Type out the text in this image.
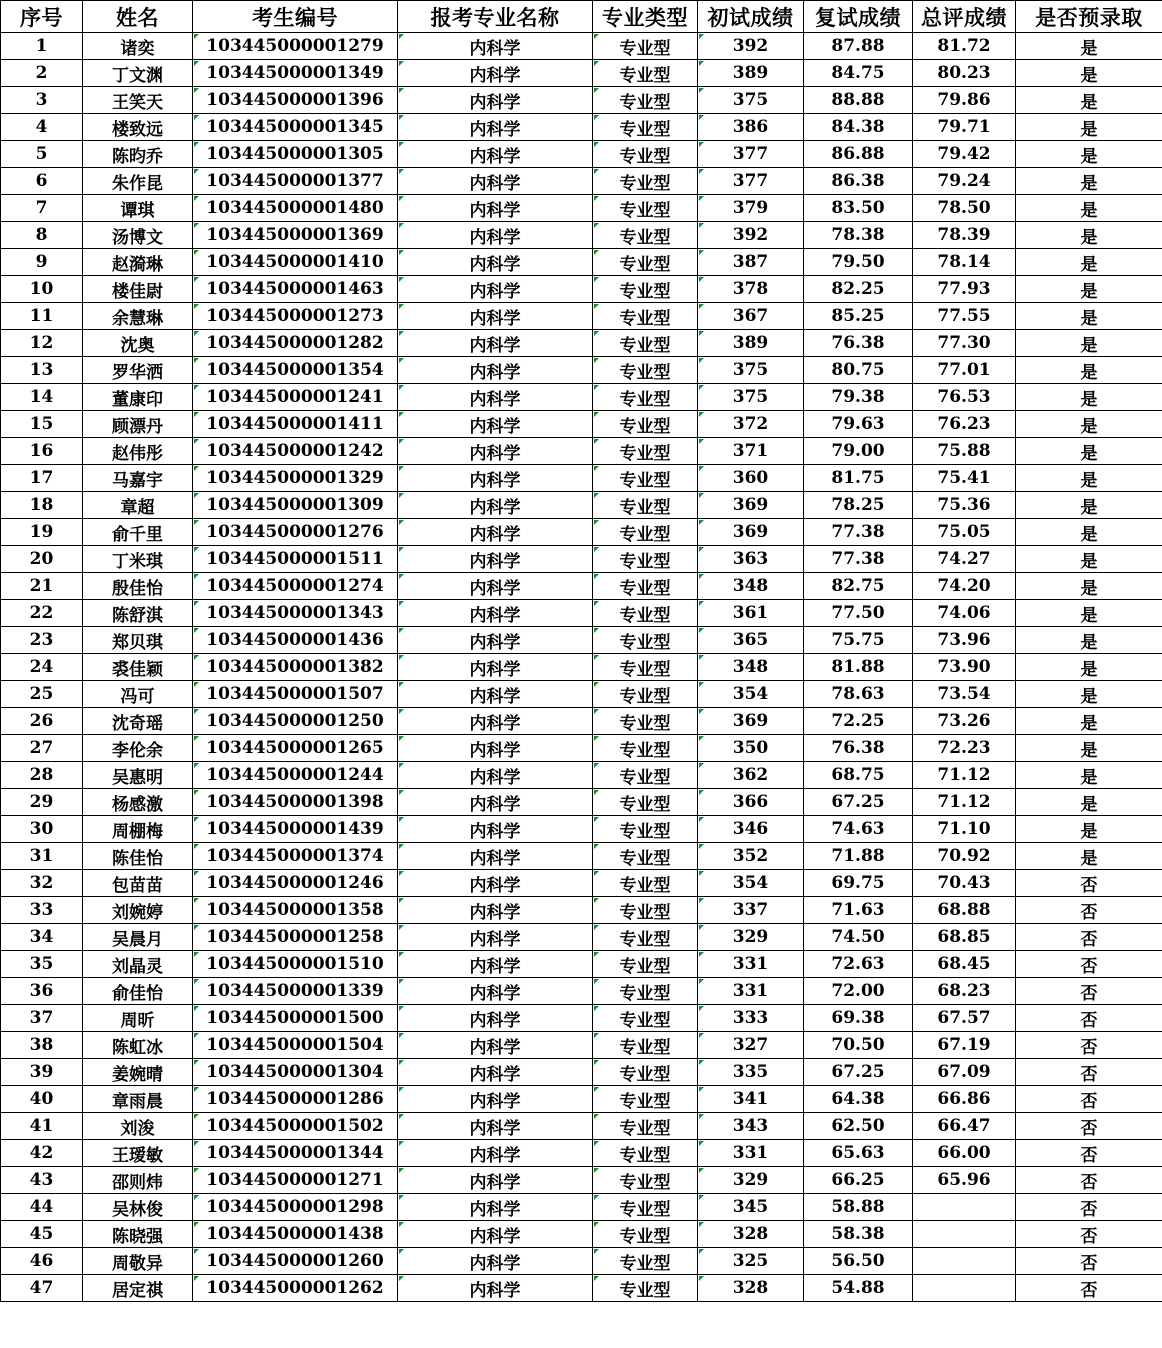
序号	姓名	考生编号	报考专业名称	专业类型	初试成绩	复试成绩	总评成绩	是否预录取
1	诸奕	103445000001279	内科学	专业型	392	87.88	81.72	是
2	丁文渊	103445000001349	内科学	专业型	389	84.75	80.23	是
3	王笑天	103445000001396	内科学	专业型	375	88.88	79.86	是
4	楼致远	103445000001345	内科学	专业型	386	84.38	79.71	是
5	陈昀乔	103445000001305	内科学	专业型	377	86.88	79.42	是
6	朱作昆	103445000001377	内科学	专业型	377	86.38	79.24	是
7	谭琪	103445000001480	内科学	专业型	379	83.50	78.50	是
8	汤博文	103445000001369	内科学	专业型	392	78.38	78.39	是
9	赵漪琳	103445000001410	内科学	专业型	387	79.50	78.14	是
10	楼佳尉	103445000001463	内科学	专业型	378	82.25	77.93	是
11	余慧琳	103445000001273	内科学	专业型	367	85.25	77.55	是
12	沈奥	103445000001282	内科学	专业型	389	76.38	77.30	是
13	罗华洒	103445000001354	内科学	专业型	375	80.75	77.01	是
14	董康印	103445000001241	内科学	专业型	375	79.38	76.53	是
15	顾漂丹	103445000001411	内科学	专业型	372	79.63	76.23	是
16	赵伟彤	103445000001242	内科学	专业型	371	79.00	75.88	是
17	马嘉宇	103445000001329	内科学	专业型	360	81.75	75.41	是
18	章超	103445000001309	内科学	专业型	369	78.25	75.36	是
19	俞千里	103445000001276	内科学	专业型	369	77.38	75.05	是
20	丁米琪	103445000001511	内科学	专业型	363	77.38	74.27	是
21	殷佳怡	103445000001274	内科学	专业型	348	82.75	74.20	是
22	陈舒淇	103445000001343	内科学	专业型	361	77.50	74.06	是
23	郑贝琪	103445000001436	内科学	专业型	365	75.75	73.96	是
24	裘佳颖	103445000001382	内科学	专业型	348	81.88	73.90	是
25	冯可	103445000001507	内科学	专业型	354	78.63	73.54	是
26	沈奇瑶	103445000001250	内科学	专业型	369	72.25	73.26	是
27	李伦余	103445000001265	内科学	专业型	350	76.38	72.23	是
28	吴惠明	103445000001244	内科学	专业型	362	68.75	71.12	是
29	杨感激	103445000001398	内科学	专业型	366	67.25	71.12	是
30	周棚梅	103445000001439	内科学	专业型	346	74.63	71.10	是
31	陈佳怡	103445000001374	内科学	专业型	352	71.88	70.92	是
32	包苗苗	103445000001246	内科学	专业型	354	69.75	70.43	否
33	刘婉婷	103445000001358	内科学	专业型	337	71.63	68.88	否
34	吴晨月	103445000001258	内科学	专业型	329	74.50	68.85	否
35	刘晶灵	103445000001510	内科学	专业型	331	72.63	68.45	否
36	俞佳怡	103445000001339	内科学	专业型	331	72.00	68.23	否
37	周昕	103445000001500	内科学	专业型	333	69.38	67.57	否
38	陈虹冰	103445000001504	内科学	专业型	327	70.50	67.19	否
39	姜婉晴	103445000001304	内科学	专业型	335	67.25	67.09	否
40	章雨晨	103445000001286	内科学	专业型	341	64.38	66.86	否
41	刘浚	103445000001502	内科学	专业型	343	62.50	66.47	否
42	王瑷敏	103445000001344	内科学	专业型	331	65.63	66.00	否
43	邵则炜	103445000001271	内科学	专业型	329	66.25	65.96	否
44	吴林俊	103445000001298	内科学	专业型	345	58.88		否
45	陈晓强	103445000001438	内科学	专业型	328	58.38		否
46	周敬异	103445000001260	内科学	专业型	325	56.50		否
47	居定祺	103445000001262	内科学	专业型	328	54.88		否
